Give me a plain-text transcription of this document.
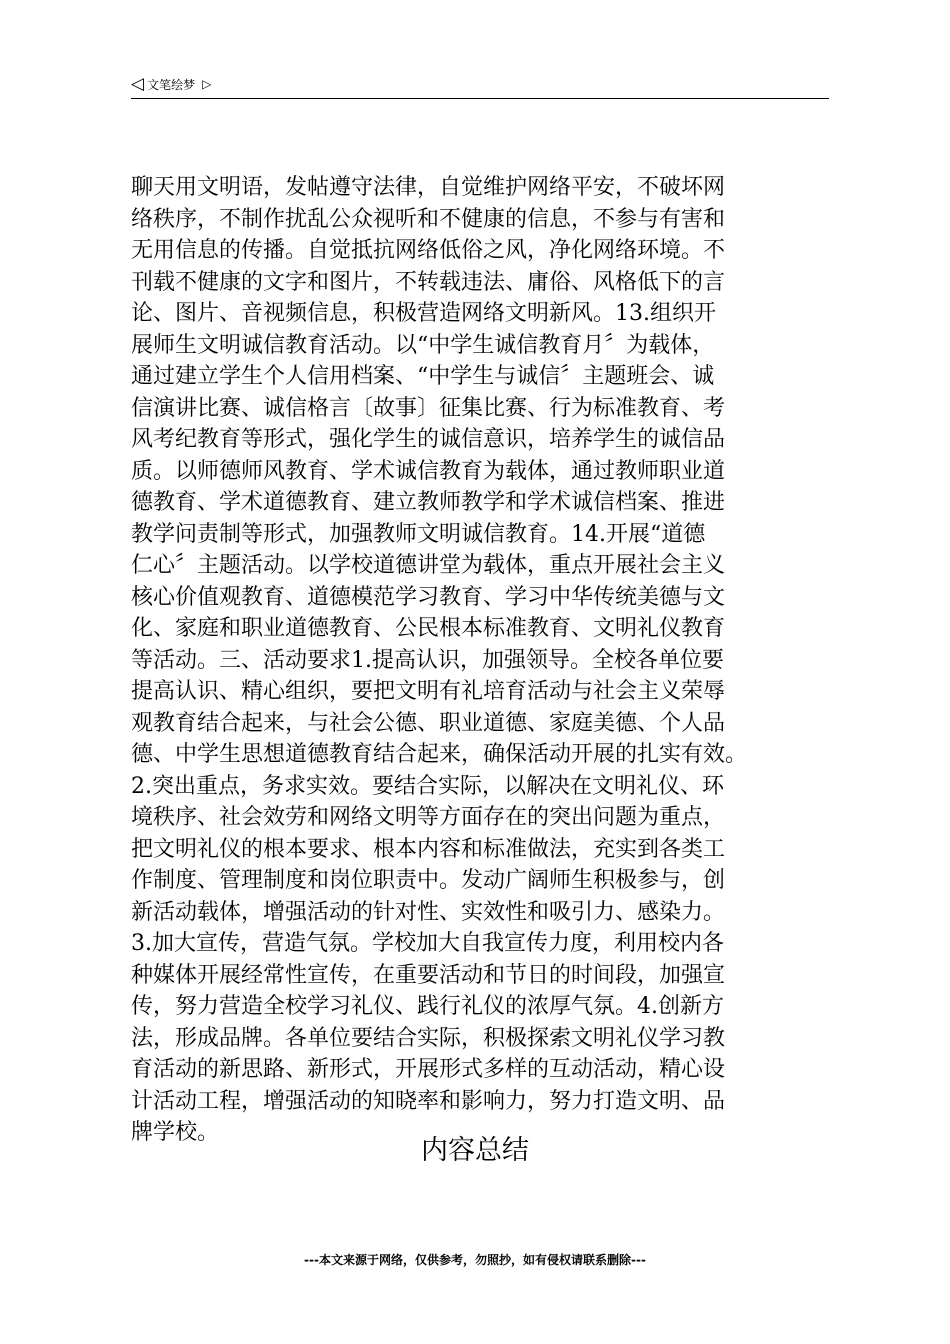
◁ 文笔绘梦 ▷
聊天用文明语，发帖遵守法律，自觉维护网络平安，不破坏网
络秩序，不制作扰乱公众视听和不健康的信息，不参与有害和
无用信息的传播。自觉抵抗网络低俗之风，净化网络环境。不
刊载不健康的文字和图片，不转载违法、庸俗、风格低下的言
论、图片、音视频信息，积极营造网络文明新风。13.组织开
展师生文明诚信教育活动。以“中学生诚信教育月〞为载体，
通过建立学生个人信用档案、“中学生与诚信〞主题班会、诚
信演讲比赛、诚信格言〔故事〕征集比赛、行为标准教育、考
风考纪教育等形式，强化学生的诚信意识，培养学生的诚信品
质。以师德师风教育、学术诚信教育为载体，通过教师职业道
德教育、学术道德教育、建立教师教学和学术诚信档案、推进
教学问责制等形式，加强教师文明诚信教育。14.开展“道德
仁心〞主题活动。以学校道德讲堂为载体，重点开展社会主义
核心价值观教育、道德模范学习教育、学习中华传统美德与文
化、家庭和职业道德教育、公民根本标准教育、文明礼仪教育
等活动。三、活动要求1.提高认识，加强领导。全校各单位要
提高认识、精心组织，要把文明有礼培育活动与社会主义荣辱
观教育结合起来，与社会公德、职业道德、家庭美德、个人品
德、中学生思想道德教育结合起来，确保活动开展的扎实有效。
2.突出重点，务求实效。要结合实际，以解决在文明礼仪、环
境秩序、社会效劳和网络文明等方面存在的突出问题为重点，
把文明礼仪的根本要求、根本内容和标准做法，充实到各类工
作制度、管理制度和岗位职责中。发动广阔师生积极参与，创
新活动载体，增强活动的针对性、实效性和吸引力、感染力。
3.加大宣传，营造气氛。学校加大自我宣传力度，利用校内各
种媒体开展经常性宣传，在重要活动和节日的时间段，加强宣
传，努力营造全校学习礼仪、践行礼仪的浓厚气氛。4.创新方
法，形成品牌。各单位要结合实际，积极探索文明礼仪学习教
育活动的新思路、新形式，开展形式多样的互动活动，精心设
计活动工程，增强活动的知晓率和影响力，努力打造文明、品
牌学校。
内容总结
---本文来源于网络，仅供参考，勿照抄，如有侵权请联系删除---
